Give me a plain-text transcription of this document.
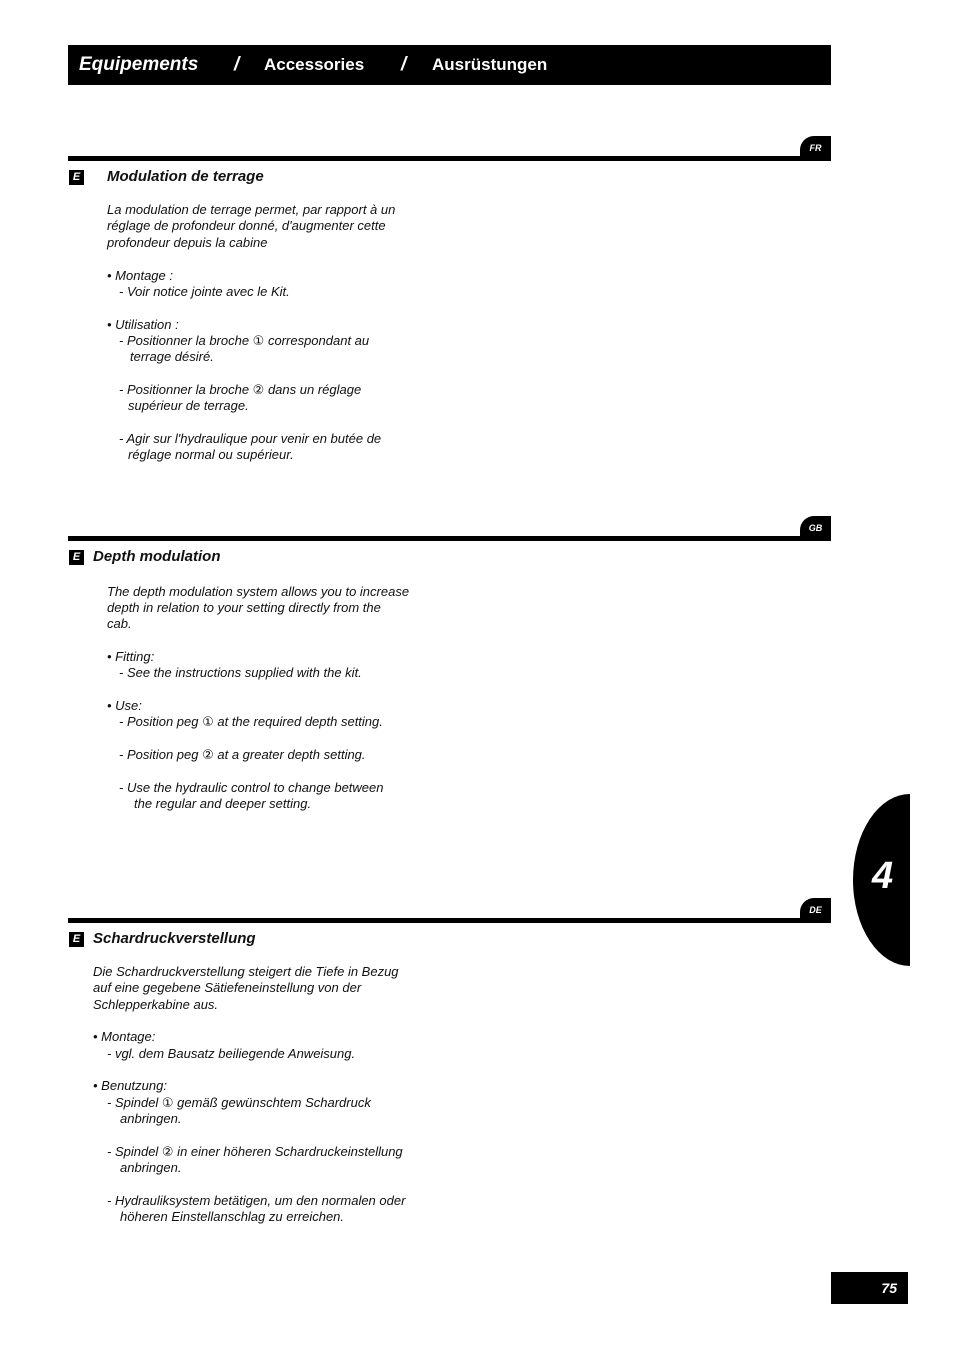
Equipements / Accessories / Ausrüstungen
FR
E Modulation de terrage
La modulation de terrage permet, par rapport à un
réglage de profondeur donné, d'augmenter cette
profondeur depuis la cabine
• Montage :
- Voir notice jointe avec le Kit.
• Utilisation :
- Positionner la broche ① correspondant au
terrage désiré.
- Positionner la broche ② dans un réglage
supérieur de terrage.
- Agir sur l'hydraulique pour venir en butée de
réglage normal ou supérieur.
GB
E Depth modulation
The depth modulation system allows you to increase
depth in relation to your setting directly from the
cab.
• Fitting:
- See the instructions supplied with the kit.
• Use:
- Position peg ① at the required depth setting.
- Position peg ② at a greater depth setting.
- Use the hydraulic control to change between
the regular and deeper setting.
4
DE
E Schardruckverstellung
Die Schardruckverstellung steigert die Tiefe in Bezug
auf eine gegebene Sätiefeneinstellung von der
Schlepperkabine aus.
• Montage:
- vgl. dem Bausatz beiliegende Anweisung.
• Benutzung:
- Spindel ① gemäß gewünschtem Schardruck
anbringen.
- Spindel ② in einer höheren Schardruckeinstellung
anbringen.
- Hydrauliksystem betätigen, um den normalen oder
höheren Einstellanschlag zu erreichen.
75
